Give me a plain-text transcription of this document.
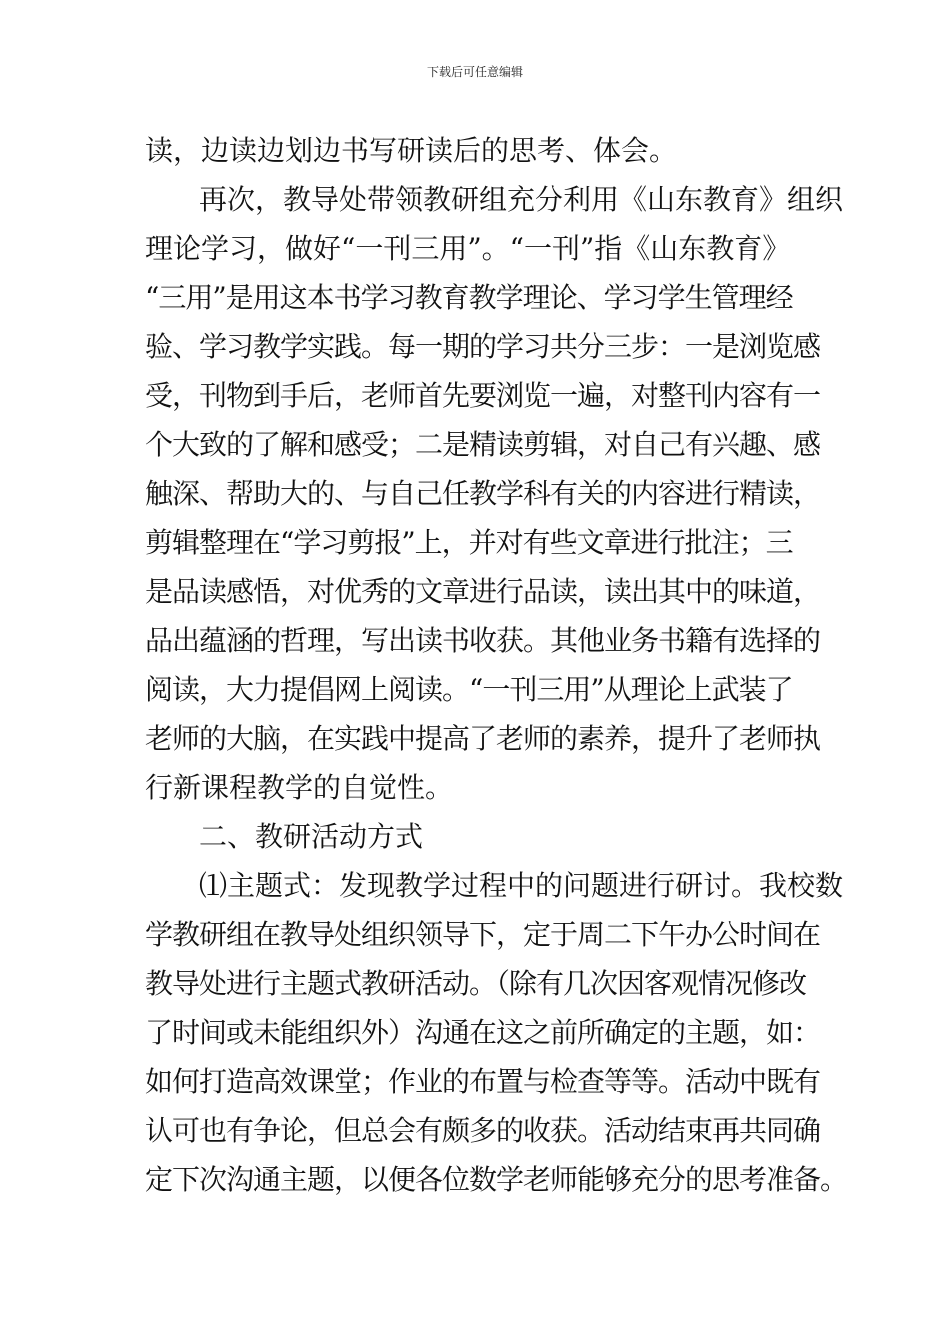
下载后可任意编辑
读，边读边划边书写研读后的思考、体会。
再次，教导处带领教研组充分利用《山东教育》组织
理论学习，做好“一刊三用”。“一刊”指《山东教育》
“三用”是用这本书学习教育教学理论、学习学生管理经
验、学习教学实践。每一期的学习共分三步：一是浏览感
受，刊物到手后，老师首先要浏览一遍，对整刊内容有一
个大致的了解和感受；二是精读剪辑，对自己有兴趣、感
触深、帮助大的、与自己任教学科有关的内容进行精读，
剪辑整理在“学习剪报”上，并对有些文章进行批注；三
是品读感悟，对优秀的文章进行品读，读出其中的味道，
品出蕴涵的哲理，写出读书收获。其他业务书籍有选择的
阅读，大力提倡网上阅读。“一刊三用”从理论上武装了
老师的大脑，在实践中提高了老师的素养，提升了老师执
行新课程教学的自觉性。
二、教研活动方式
⑴主题式：发现教学过程中的问题进行研讨。我校数
学教研组在教导处组织领导下，定于周二下午办公时间在
教导处进行主题式教研活动。（除有几次因客观情况修改
了时间或未能组织外）沟通在这之前所确定的主题，如：
如何打造高效课堂；作业的布置与检查等等。活动中既有
认可也有争论，但总会有颇多的收获。活动结束再共同确
定下次沟通主题，以便各位数学老师能够充分的思考准备。
